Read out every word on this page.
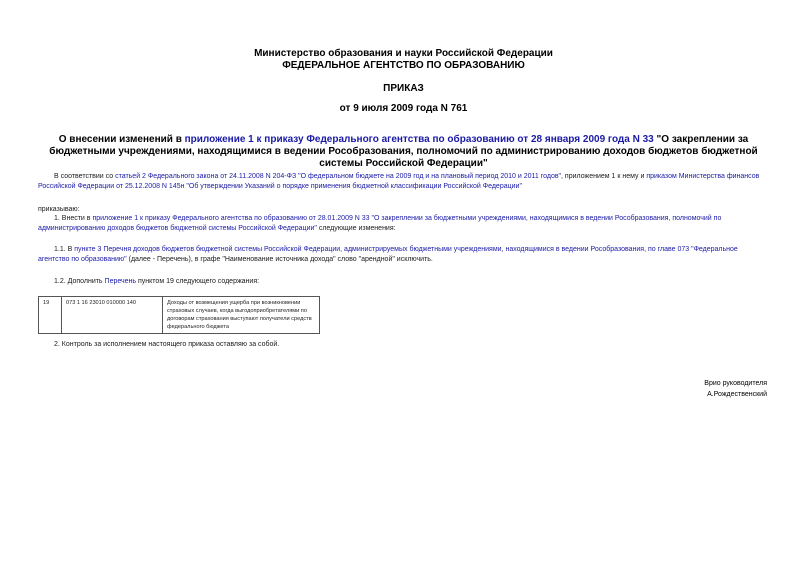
Министерство образования и науки Российской Федерации
ФЕДЕРАЛЬНОЕ АГЕНТСТВО ПО ОБРАЗОВАНИЮ
ПРИКАЗ
от 9 июля 2009 года N 761
О внесении изменений в приложение 1 к приказу Федерального агентства по образованию от 28 января 2009 года N 33 "О закреплении за бюджетными учреждениями, находящимися в ведении Рособразования, полномочий по администрированию доходов бюджетов бюджетной системы Российской Федерации"
В соответствии со статьей 2 Федерального закона от 24.11.2008 N 204-ФЗ "О федеральном бюджете на 2009 год и на плановый период 2010 и 2011 годов", приложением 1 к нему и приказом Министерства финансов Российской Федерации от 25.12.2008 N 145н "Об утверждении Указаний о порядке применения бюджетной классификации Российской Федерации"
приказываю:
1. Внести в приложение 1 к приказу Федерального агентства по образованию от 28.01.2009 N 33 "О закреплении за бюджетными учреждениями, находящимися в ведении Рособразования, полномочий по администрированию доходов бюджетов бюджетной системы Российской Федерации" следующие изменения:
1.1. В пункте 3 Перечня доходов бюджетов бюджетной системы Российской Федерации, администрируемых бюджетными учреждениями, находящимися в ведении Рособразования, по главе 073 "Федеральное агентство по образованию" (далее - Перечень), в графе "Наименование источника дохода" слово "арендной" исключить.
1.2. Дополнить Перечень пунктом 19 следующего содержания:
19	073 1 16 23010 010000 140	Доходы от возмещения ущерба при возникновении страховых случаев, когда выгодоприобретателями по договорам страхования выступают получатели средств федерального бюджета
2. Контроль за исполнением настоящего приказа оставляю за собой.
Врио руководителя
А.Рождественский
